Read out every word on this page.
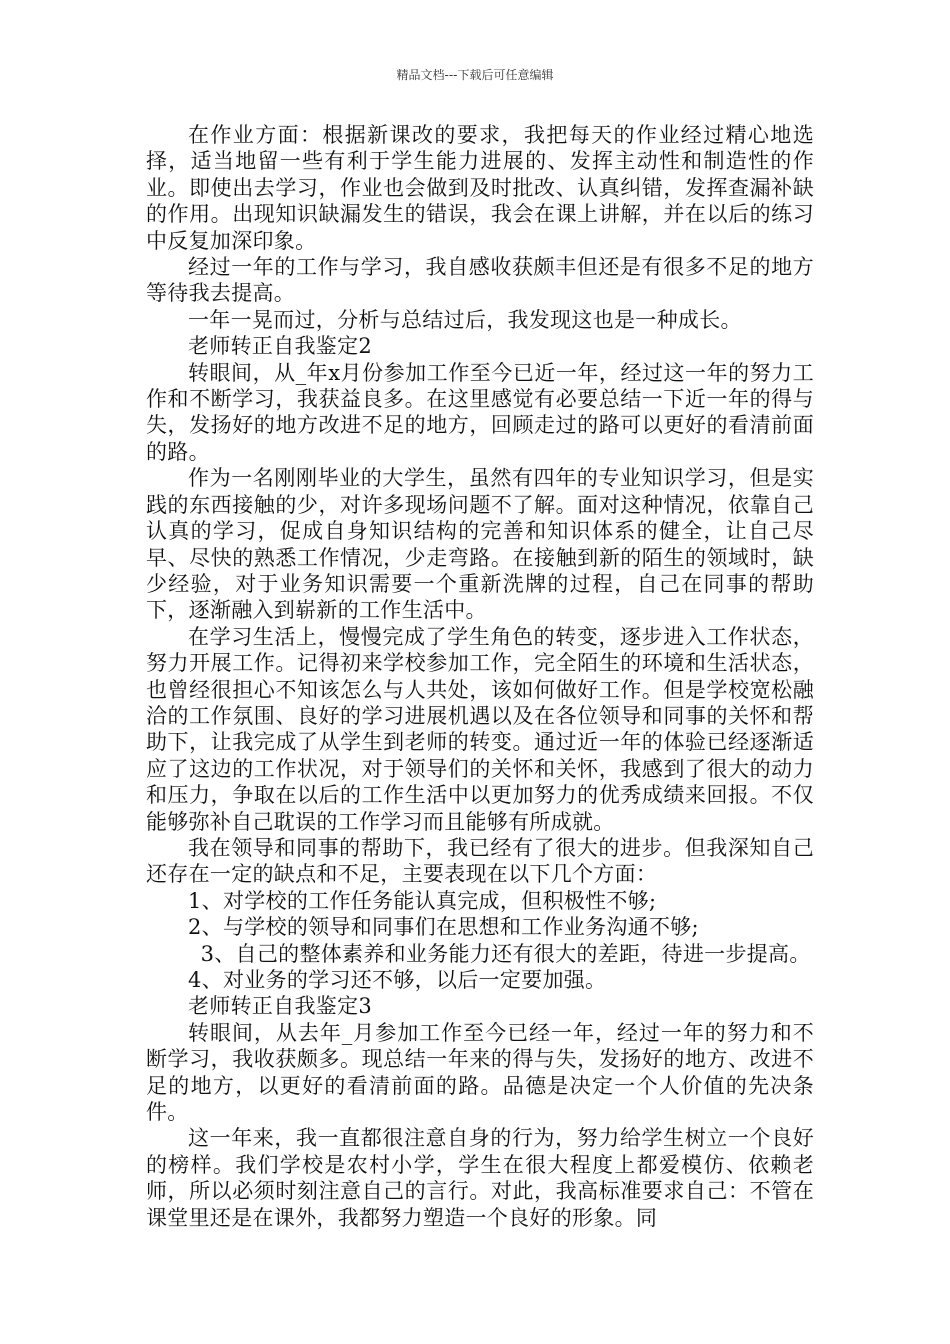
精品文档---下载后可任意编辑

在作业方面：根据新课改的要求，我把每天的作业经过精心地选择，适当地留一些有利于学生能力进展的、发挥主动性和制造性的作业。即使出去学习，作业也会做到及时批改、认真纠错，发挥查漏补缺的作用。出现知识缺漏发生的错误，我会在课上讲解，并在以后的练习中反复加深印象。

经过一年的工作与学习，我自感收获颇丰但还是有很多不足的地方等待我去提高。

一年一晃而过，分析与总结过后，我发现这也是一种成长。

老师转正自我鉴定2

转眼间，从_年x月份参加工作至今已近一年，经过这一年的努力工作和不断学习，我获益良多。在这里感觉有必要总结一下近一年的得与失，发扬好的地方改进不足的地方，回顾走过的路可以更好的看清前面的路。

作为一名刚刚毕业的大学生，虽然有四年的专业知识学习，但是实践的东西接触的少，对许多现场问题不了解。面对这种情况，依靠自己认真的学习，促成自身知识结构的完善和知识体系的健全，让自己尽早、尽快的熟悉工作情况，少走弯路。在接触到新的陌生的领域时，缺少经验，对于业务知识需要一个重新洗牌的过程，自己在同事的帮助下，逐渐融入到崭新的工作生活中。

在学习生活上，慢慢完成了学生角色的转变，逐步进入工作状态，努力开展工作。记得初来学校参加工作，完全陌生的环境和生活状态，也曾经很担心不知该怎么与人共处，该如何做好工作。但是学校宽松融洽的工作氛围、良好的学习进展机遇以及在各位领导和同事的关怀和帮助下，让我完成了从学生到老师的转变。通过近一年的体验已经逐渐适应了这边的工作状况，对于领导们的关怀和关怀，我感到了很大的动力和压力，争取在以后的工作生活中以更加努力的优秀成绩来回报。不仅能够弥补自己耽误的工作学习而且能够有所成就。

我在领导和同事的帮助下，我已经有了很大的进步。但我深知自己还存在一定的缺点和不足，主要表现在以下几个方面：

1、对学校的工作任务能认真完成，但积极性不够;

2、与学校的领导和同事们在思想和工作业务沟通不够;

3、自己的整体素养和业务能力还有很大的差距，待进一步提高。

4、对业务的学习还不够，以后一定要加强。

老师转正自我鉴定3

转眼间，从去年_月参加工作至今已经一年，经过一年的努力和不断学习，我收获颇多。现总结一年来的得与失，发扬好的地方、改进不足的地方，以更好的看清前面的路。品德是决定一个人价值的先决条件。

这一年来，我一直都很注意自身的行为，努力给学生树立一个良好的榜样。我们学校是农村小学，学生在很大程度上都爱模仿、依赖老师，所以必须时刻注意自己的言行。对此，我高标准要求自己：不管在课堂里还是在课外，我都努力塑造一个良好的形象。同
